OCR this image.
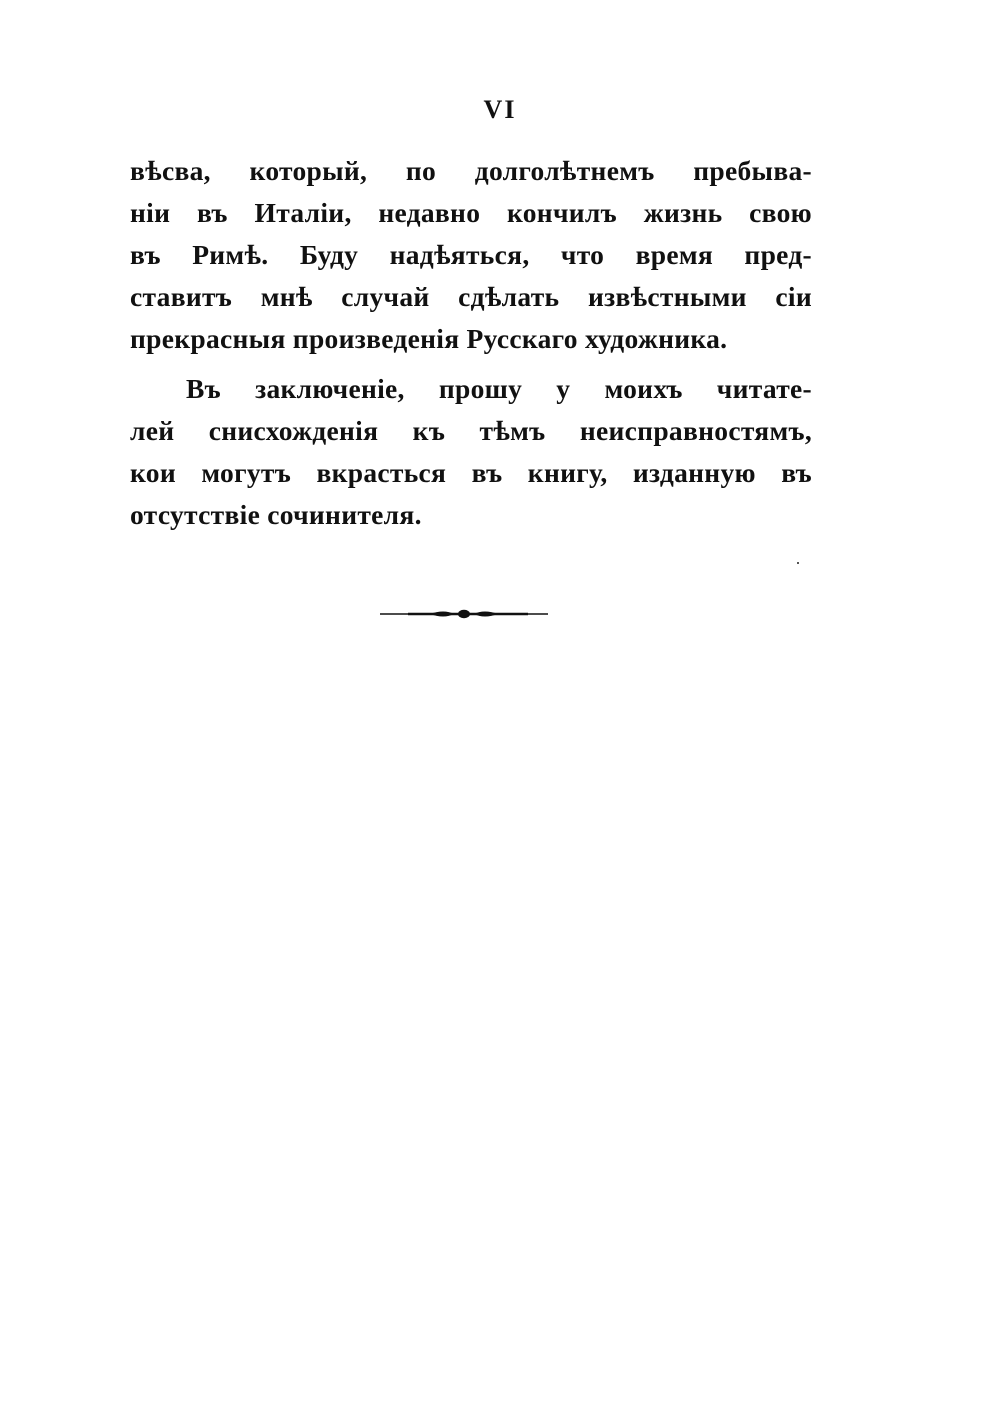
VI
вѣсва, который, по долголѣтнемъ пребыва-
ніи въ Италіи, недавно кончилъ жизнь свою
въ Римѣ. Буду надѣяться, что время пред-
ставитъ мнѣ случай сдѣлать извѣстными сіи
прекрасныя произведенія Русскаго художника.
Въ заключеніе, прошу у моихъ читате-
лей снисхожденія къ тѣмъ неисправностямъ,
кои могутъ вкрасться въ книгу, изданную въ
отсутствіе сочинителя.
